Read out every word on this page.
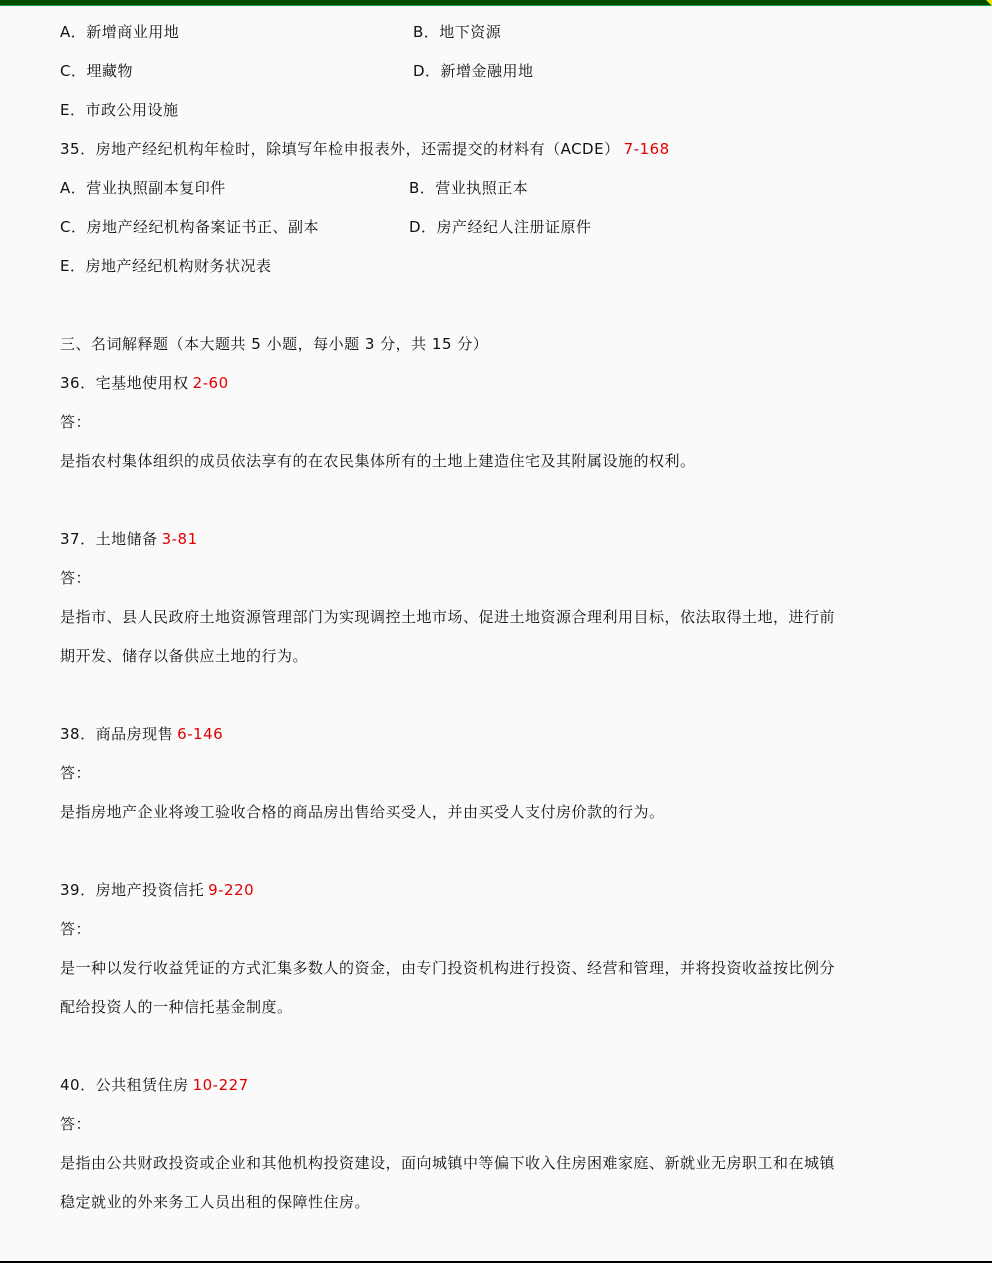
A．新增商业用地	B．地下资源
C．埋藏物	D．新增金融用地
E．市政公用设施
35．房地产经纪机构年检时，除填写年检申报表外，还需提交的材料有（ACDE） 7-168
A．营业执照副本复印件	B．营业执照正本
C．房地产经纪机构备案证书正、副本	D．房产经纪人注册证原件
E．房地产经纪机构财务状况表
三、名词解释题（本大题共 5 小题，每小题 3 分，共 15 分）
36．宅基地使用权 2-60
答：
是指农村集体组织的成员依法享有的在农民集体所有的土地上建造住宅及其附属设施的权利。
37．土地储备 3-81
答：
是指市、县人民政府土地资源管理部门为实现调控土地市场、促进土地资源合理利用目标，依法取得土地，进行前
期开发、储存以备供应土地的行为。
38．商品房现售 6-146
答：
是指房地产企业将竣工验收合格的商品房出售给买受人，并由买受人支付房价款的行为。
39．房地产投资信托 9-220
答：
是一种以发行收益凭证的方式汇集多数人的资金，由专门投资机构进行投资、经营和管理，并将投资收益按比例分
配给投资人的一种信托基金制度。
40．公共租赁住房 10-227
答：
是指由公共财政投资或企业和其他机构投资建设，面向城镇中等偏下收入住房困难家庭、新就业无房职工和在城镇
稳定就业的外来务工人员出租的保障性住房。
